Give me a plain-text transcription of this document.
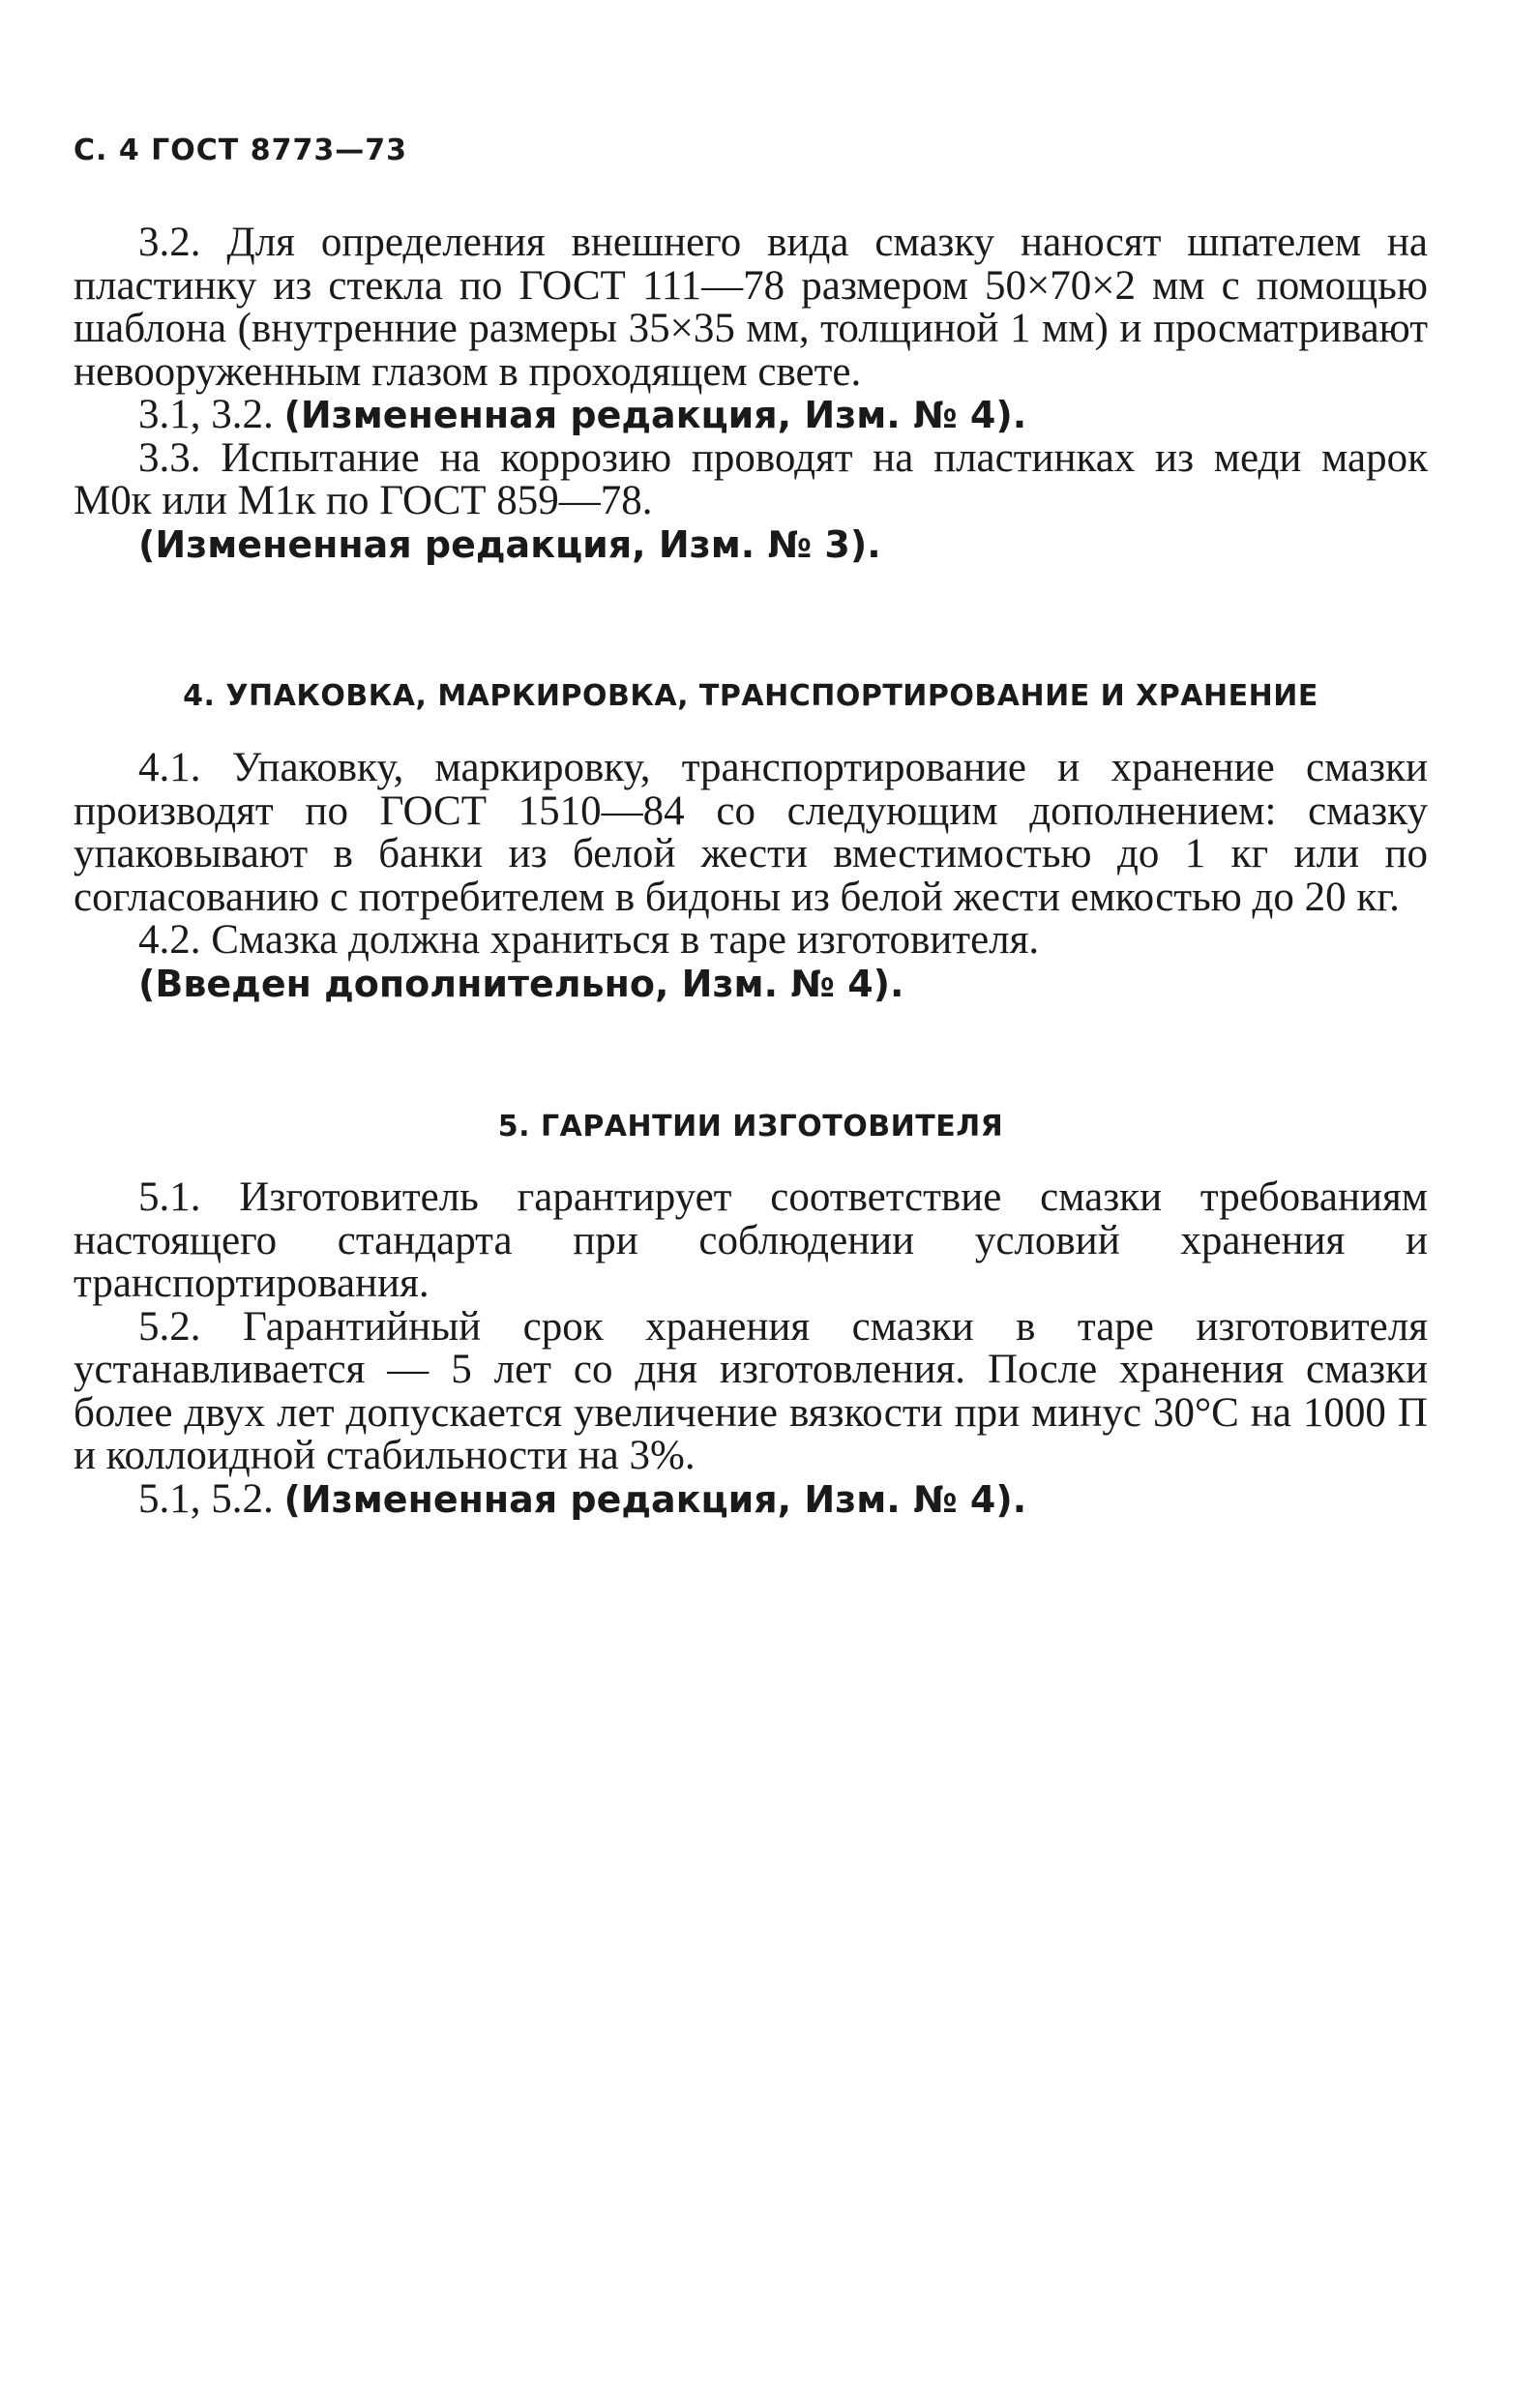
С. 4 ГОСТ 8773—73

3.2. Для определения внешнего вида смазку наносят шпателем на пластинку из стекла по ГОСТ 111—78 размером 50×70×2 мм с помощью шаблона (внутренние размеры 35×35 мм, толщиной 1 мм) и просматривают невооруженным глазом в проходящем свете.

3.1, 3.2. (Измененная редакция, Изм. № 4).

3.3. Испытание на коррозию проводят на пластинках из меди марок М0к или М1к по ГОСТ 859—78.

(Измененная редакция, Изм. № 3).

4. УПАКОВКА, МАРКИРОВКА, ТРАНСПОРТИРОВАНИЕ И ХРАНЕНИЕ

4.1. Упаковку, маркировку, транспортирование и хранение смазки производят по ГОСТ 1510—84 со следующим дополнением: смазку упаковывают в банки из белой жести вместимостью до 1 кг или по согласованию с потребителем в бидоны из белой жести емкостью до 20 кг.

4.2. Смазка должна храниться в таре изготовителя.

(Введен дополнительно, Изм. № 4).

5. ГАРАНТИИ ИЗГОТОВИТЕЛЯ

5.1. Изготовитель гарантирует соответствие смазки требованиям настоящего стандарта при соблюдении условий хранения и транспортирования.

5.2. Гарантийный срок хранения смазки в таре изготовителя устанавливается — 5 лет со дня изготовления. После хранения смазки более двух лет допускается увеличение вязкости при минус 30°С на 1000 П и коллоидной стабильности на 3%.

5.1, 5.2. (Измененная редакция, Изм. № 4).
